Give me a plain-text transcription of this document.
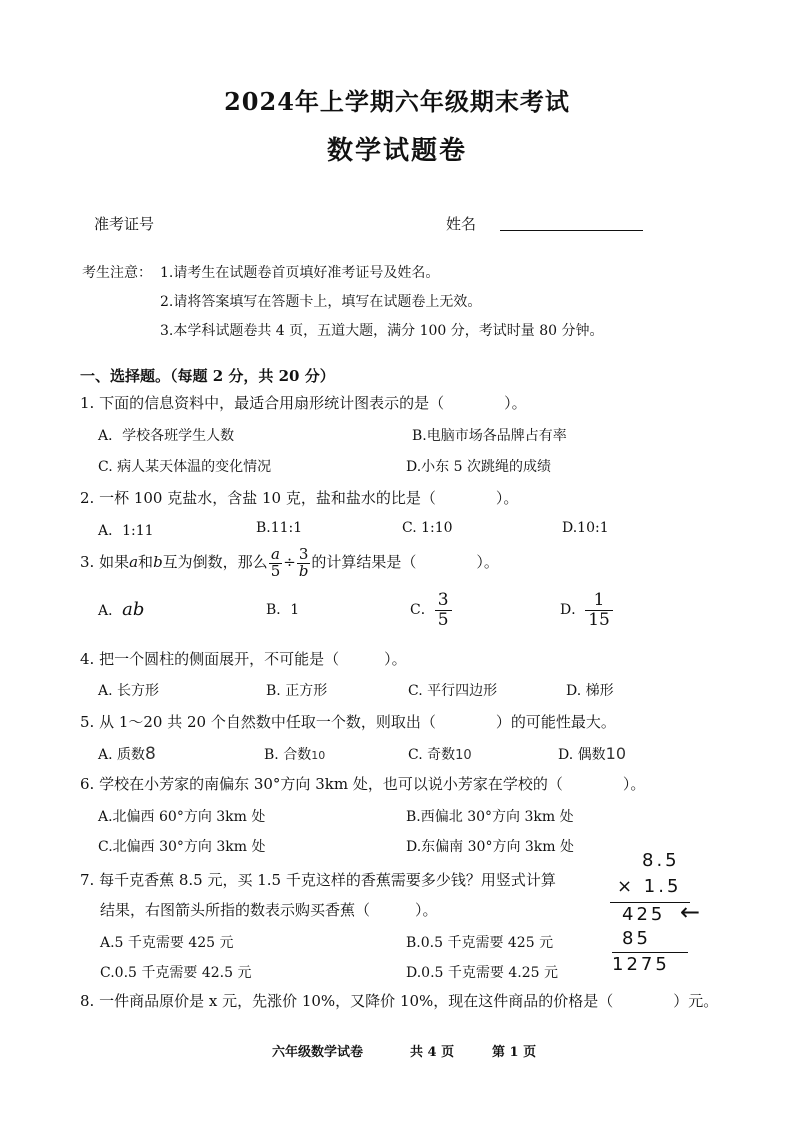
2024年上学期六年级期末考试
数学试题卷
准考证号	姓名
考生注意： 1.请考生在试题卷首页填好准考证号及姓名。
2.请将答案填写在答题卡上，填写在试题卷上无效。
3.本学科试题卷共 4 页，五道大题，满分 100 分，考试时量 80 分钟。
一、选择题。（每题 2 分，共 20 分）
1. 下面的信息资料中，最适合用扇形统计图表示的是（　　　　）。
A．学校各班学生人数	B.电脑市场各品牌占有率
C. 病人某天体温的变化情况	D.小东 5 次跳绳的成绩
2. 一杯 100 克盐水，含盐 10 克，盐和盐水的比是（　　　　）。
A．1:11	B.11:1	C. 1:10	D.10:1
3. 如果a和b互为倒数，那么 $\frac{a}{5} \div \frac{3}{b}$ 的计算结果是（　　　　）。
A．ab	B．1	C． $\frac{3}{5}$	D． $\frac{1}{15}$
4. 把一个圆柱的侧面展开，不可能是（　　　）。
A. 长方形	B. 正方形	C. 平行四边形	D. 梯形
5. 从 1～20 共 20 个自然数中任取一个数，则取出（　　　　）的可能性最大。
A. 质数8	B. 合数10	C. 奇数10	D. 偶数10
6. 学校在小芳家的南偏东 30°方向 3km 处，也可以说小芳家在学校的（　　　　）。
A.北偏西 60°方向 3km 处	B.西偏北 30°方向 3km 处
C.北偏西 30°方向 3km 处	D.东偏南 30°方向 3km 处
7. 每千克香蕉 8.5 元，买 1.5 千克这样的香蕉需要多少钱？用竖式计算
结果，右图箭头所指的数表示购买香蕉（　　　）。
A.5 千克需要 425 元	B.0.5 千克需要 425 元
C.0.5 千克需要 42.5 元	D.0.5 千克需要 4.25 元
8.5
× 1.5
425 ←
85
1275
8. 一件商品原价是 x 元，先涨价 10%，又降价 10%，现在这件商品的价格是（　　　　）元。
六年级数学试卷	共 4 页	第 1 页
